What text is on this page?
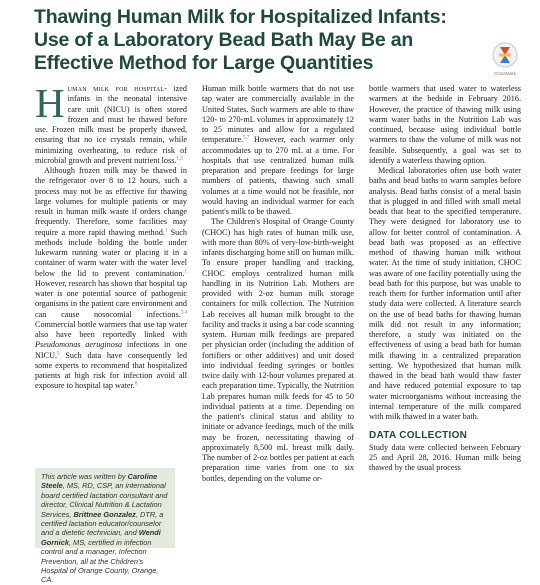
Thawing Human Milk for Hospitalized Infants:
Use of a Laboratory Bead Bath May Be an
Effective Method for Large Quantities	CrossMark

Human milk for hospital- ized infants in the neonatal intensive care unit (NICU) is often stored frozen and must be thawed before use. Frozen milk must be properly thawed, ensuring that no ice crystals remain, while minimizing overheating, to reduce risk of microbial growth and prevent nutrient loss.$^{1,2}$

Although frozen milk may be thawed in the refrigerator over 8 to 12 hours, such a process may not be as effective for thawing large volumes for multiple patients or may result in human milk waste if orders change frequently. Therefore, some facilities may require a more rapid thawing method.$^1$ Such methods include holding the bottle under lukewarm running water or placing it in a container of warm water with the water level below the lid to prevent contamination.$^1$ However, research has shown that hospital tap water is one potential source of pathogenic organisms in the patient care environment and can cause nosocomial infections.$^{3,4}$ Commercial bottle warmers that use tap water also have been reportedly linked with Pseudomonas aeruginosa infections in one NICU.$^5$ Such data have consequently led some experts to recommend that hospitalized patients at high risk for infection avoid all exposure to hospital tap water.$^6$

This article was written by Caroline Steele, MS, RD, CSP, an international board certified lactation consultant and director, Clinical Nutrition & Lactation Services, Brittnee Gonzalez, DTR, a certified lactation educator/counselor and a dietetic technician, and Wendi Gornick, MS, certified in infection control and a manager, Infection Prevention, all at the Children's Hospital of Orange County, Orange, CA.

Human milk bottle warmers that do not use tap water are commercially available in the United States. Such warmers are able to thaw 120- to 270-mL volumes in approximately 12 to 25 minutes and allow for a regulated temperature.$^{5,7}$ However, each warmer only accommodates up to 270 mL at a time. For hospitals that use centralized human milk preparation and prepare feedings for large numbers of patients, thawing such small volumes at a time would not be feasible, nor would having an individual warmer for each patient's milk to be thawed.

The Children's Hospital of Orange County (CHOC) has high rates of human milk use, with more than 80% of very-low-birth-weight infants discharging home still on human milk. To ensure proper handling and tracking, CHOC employs centralized human milk handling in its Nutrition Lab. Mothers are provided with 2-oz human milk storage containers for milk collection. The Nutrition Lab receives all human milk brought to the facility and tracks it using a bar code scanning system. Human milk feedings are prepared per physician order (including the addition of fortifiers or other additives) and unit dosed into individual feeding syringes or bottles twice daily with 12-hour volumes prepared at each preparation time. Typically, the Nutrition Lab prepares human milk feeds for 45 to 50 individual patients at a time. Depending on the patient's clinical status and ability to initiate or advance feedings, much of the milk may be frozen, necessitating thawing of approximately 8,500 mL breast milk daily. The number of 2-oz bottles per patient at each preparation time varies from one to six bottles, depending on the volume or-

bottle warmers that used water to waterless warmers at the bedside in February 2016. However, the practice of thawing milk using warm water baths in the Nutrition Lab was continued, because using individual bottle warmers to thaw the volume of milk was not feasible. Subsequently, a goal was set to identify a waterless thawing option.

Medical laboratories often use both water baths and bead baths to warm samples before analysis. Bead baths consist of a metal basin that is plugged in and filled with small metal beads that heat to the specified temperature. They were designed for laboratory use to allow for better control of contamination. A bead bath was proposed as an effective method of thawing human milk without water. At the time of study initiation, CHOC was aware of one facility potentially using the bead bath for this purpose, but was unable to reach them for further information until after study data were collected. A literature search on the use of bead baths for thawing human milk did not result in any information; therefore, a study was initiated on the effectiveness of using a bead bath for human milk thawing in a centralized preparation setting. We hypothesized that human milk thawed in the bead bath would thaw faster and have reduced potential exposure to tap water microorganisms without increasing the internal temperature of the milk compared with milk thawed in a water bath.

DATA COLLECTION

Study data were collected between February 25 and April 28, 2016. Human milk being thawed by the usual process
